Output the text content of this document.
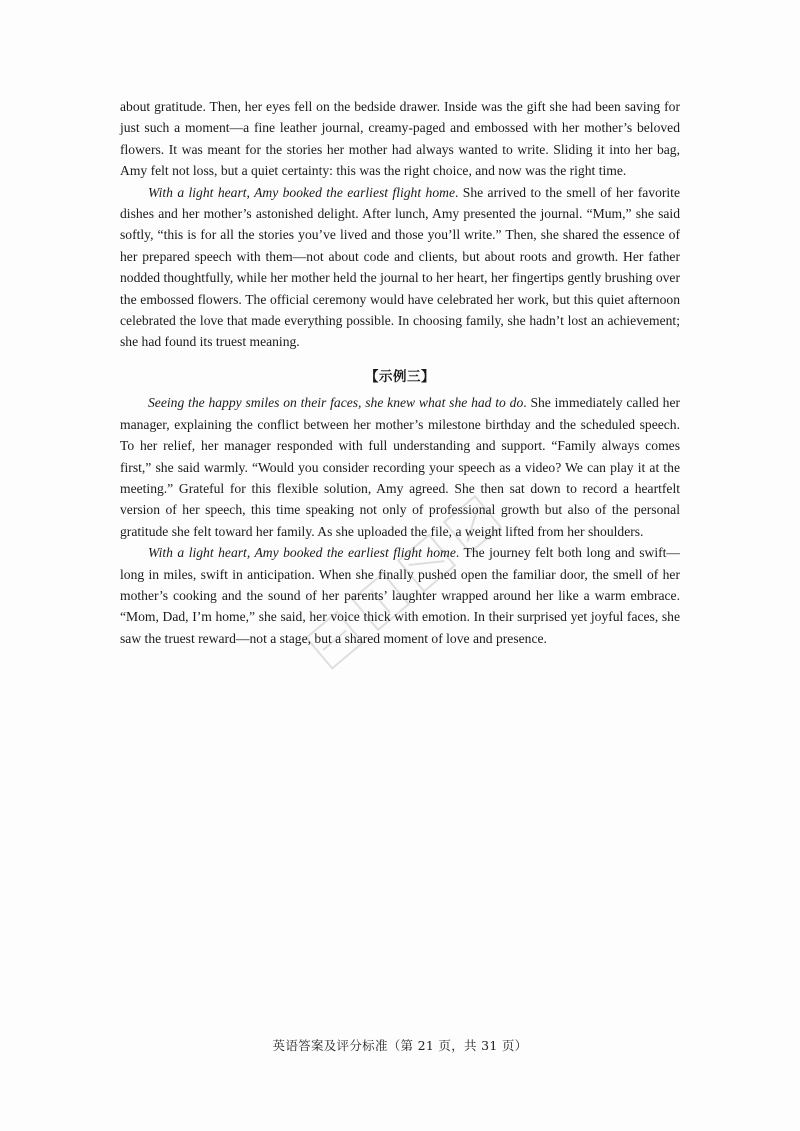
about gratitude. Then, her eyes fell on the bedside drawer. Inside was the gift she had been saving for just such a moment—a fine leather journal, creamy-paged and embossed with her mother’s beloved flowers. It was meant for the stories her mother had always wanted to write. Sliding it into her bag, Amy felt not loss, but a quiet certainty: this was the right choice, and now was the right time.

With a light heart, Amy booked the earliest flight home. She arrived to the smell of her favorite dishes and her mother’s astonished delight. After lunch, Amy presented the journal. “Mum,” she said softly, “this is for all the stories you’ve lived and those you’ll write.” Then, she shared the essence of her prepared speech with them—not about code and clients, but about roots and growth. Her father nodded thoughtfully, while her mother held the journal to her heart, her fingertips gently brushing over the embossed flowers. The official ceremony would have celebrated her work, but this quiet afternoon celebrated the love that made everything possible. In choosing family, she hadn’t lost an achievement; she had found its truest meaning.

【示例三】

Seeing the happy smiles on their faces, she knew what she had to do. She immediately called her manager, explaining the conflict between her mother’s milestone birthday and the scheduled speech. To her relief, her manager responded with full understanding and support. “Family always comes first,” she said warmly. “Would you consider recording your speech as a video? We can play it at the meeting.” Grateful for this flexible solution, Amy agreed. She then sat down to record a heartfelt version of her speech, this time speaking not only of professional growth but also of the personal gratitude she felt toward her family. As she uploaded the file, a weight lifted from her shoulders.

With a light heart, Amy booked the earliest flight home. The journey felt both long and swift—long in miles, swift in anticipation. When she finally pushed open the familiar door, the smell of her mother’s cooking and the sound of her parents’ laughter wrapped around her like a warm embrace. “Mom, Dad, I’m home,” she said, her voice thick with emotion. In their surprised yet joyful faces, she saw the truest reward—not a stage, but a shared moment of love and presence.

英语答案及评分标准（第 21 页，共 31 页）
